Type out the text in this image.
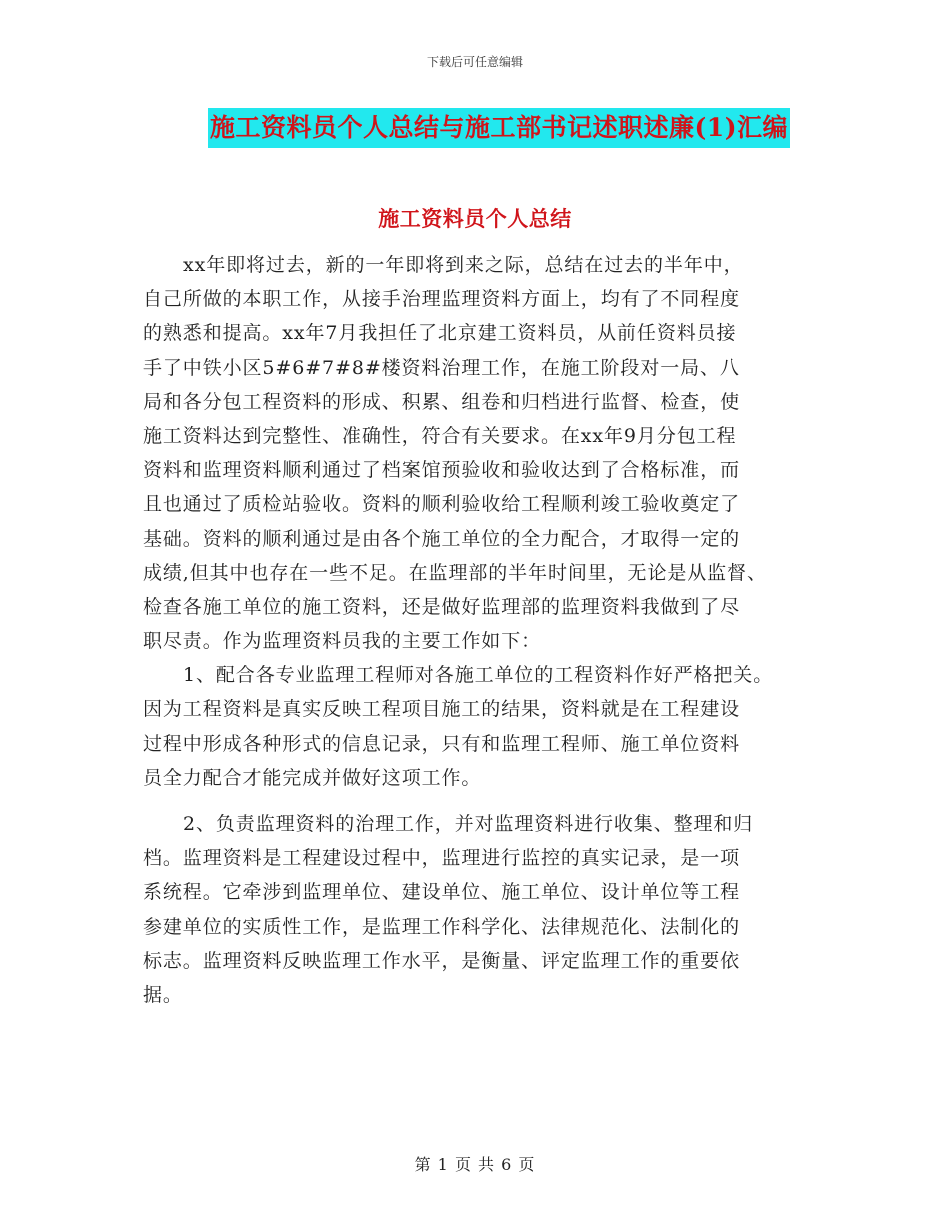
下载后可任意编辑
施工资料员个人总结与施工部书记述职述廉(1)汇编
施工资料员个人总结
xx年即将过去，新的一年即将到来之际，总结在过去的半年中，
自己所做的本职工作，从接手治理监理资料方面上，均有了不同程度
的熟悉和提高。xx年7月我担任了北京建工资料员，从前任资料员接
手了中铁小区5#6#7#8#楼资料治理工作，在施工阶段对一局、八
局和各分包工程资料的形成、积累、组卷和归档进行监督、检查，使
施工资料达到完整性、准确性，符合有关要求。在xx年9月分包工程
资料和监理资料顺利通过了档案馆预验收和验收达到了合格标准，而
且也通过了质检站验收。资料的顺利验收给工程顺利竣工验收奠定了
基础。资料的顺利通过是由各个施工单位的全力配合，才取得一定的
成绩,但其中也存在一些不足。在监理部的半年时间里，无论是从监督、
检查各施工单位的施工资料，还是做好监理部的监理资料我做到了尽
职尽责。作为监理资料员我的主要工作如下：
1、配合各专业监理工程师对各施工单位的工程资料作好严格把关。
因为工程资料是真实反映工程项目施工的结果，资料就是在工程建设
过程中形成各种形式的信息记录，只有和监理工程师、施工单位资料
员全力配合才能完成并做好这项工作。
2、负责监理资料的治理工作，并对监理资料进行收集、整理和归
档。监理资料是工程建设过程中，监理进行监控的真实记录，是一项
系统程。它牵涉到监理单位、建设单位、施工单位、设计单位等工程
参建单位的实质性工作，是监理工作科学化、法律规范化、法制化的
标志。监理资料反映监理工作水平，是衡量、评定监理工作的重要依
据。
第 1 页 共 6 页
